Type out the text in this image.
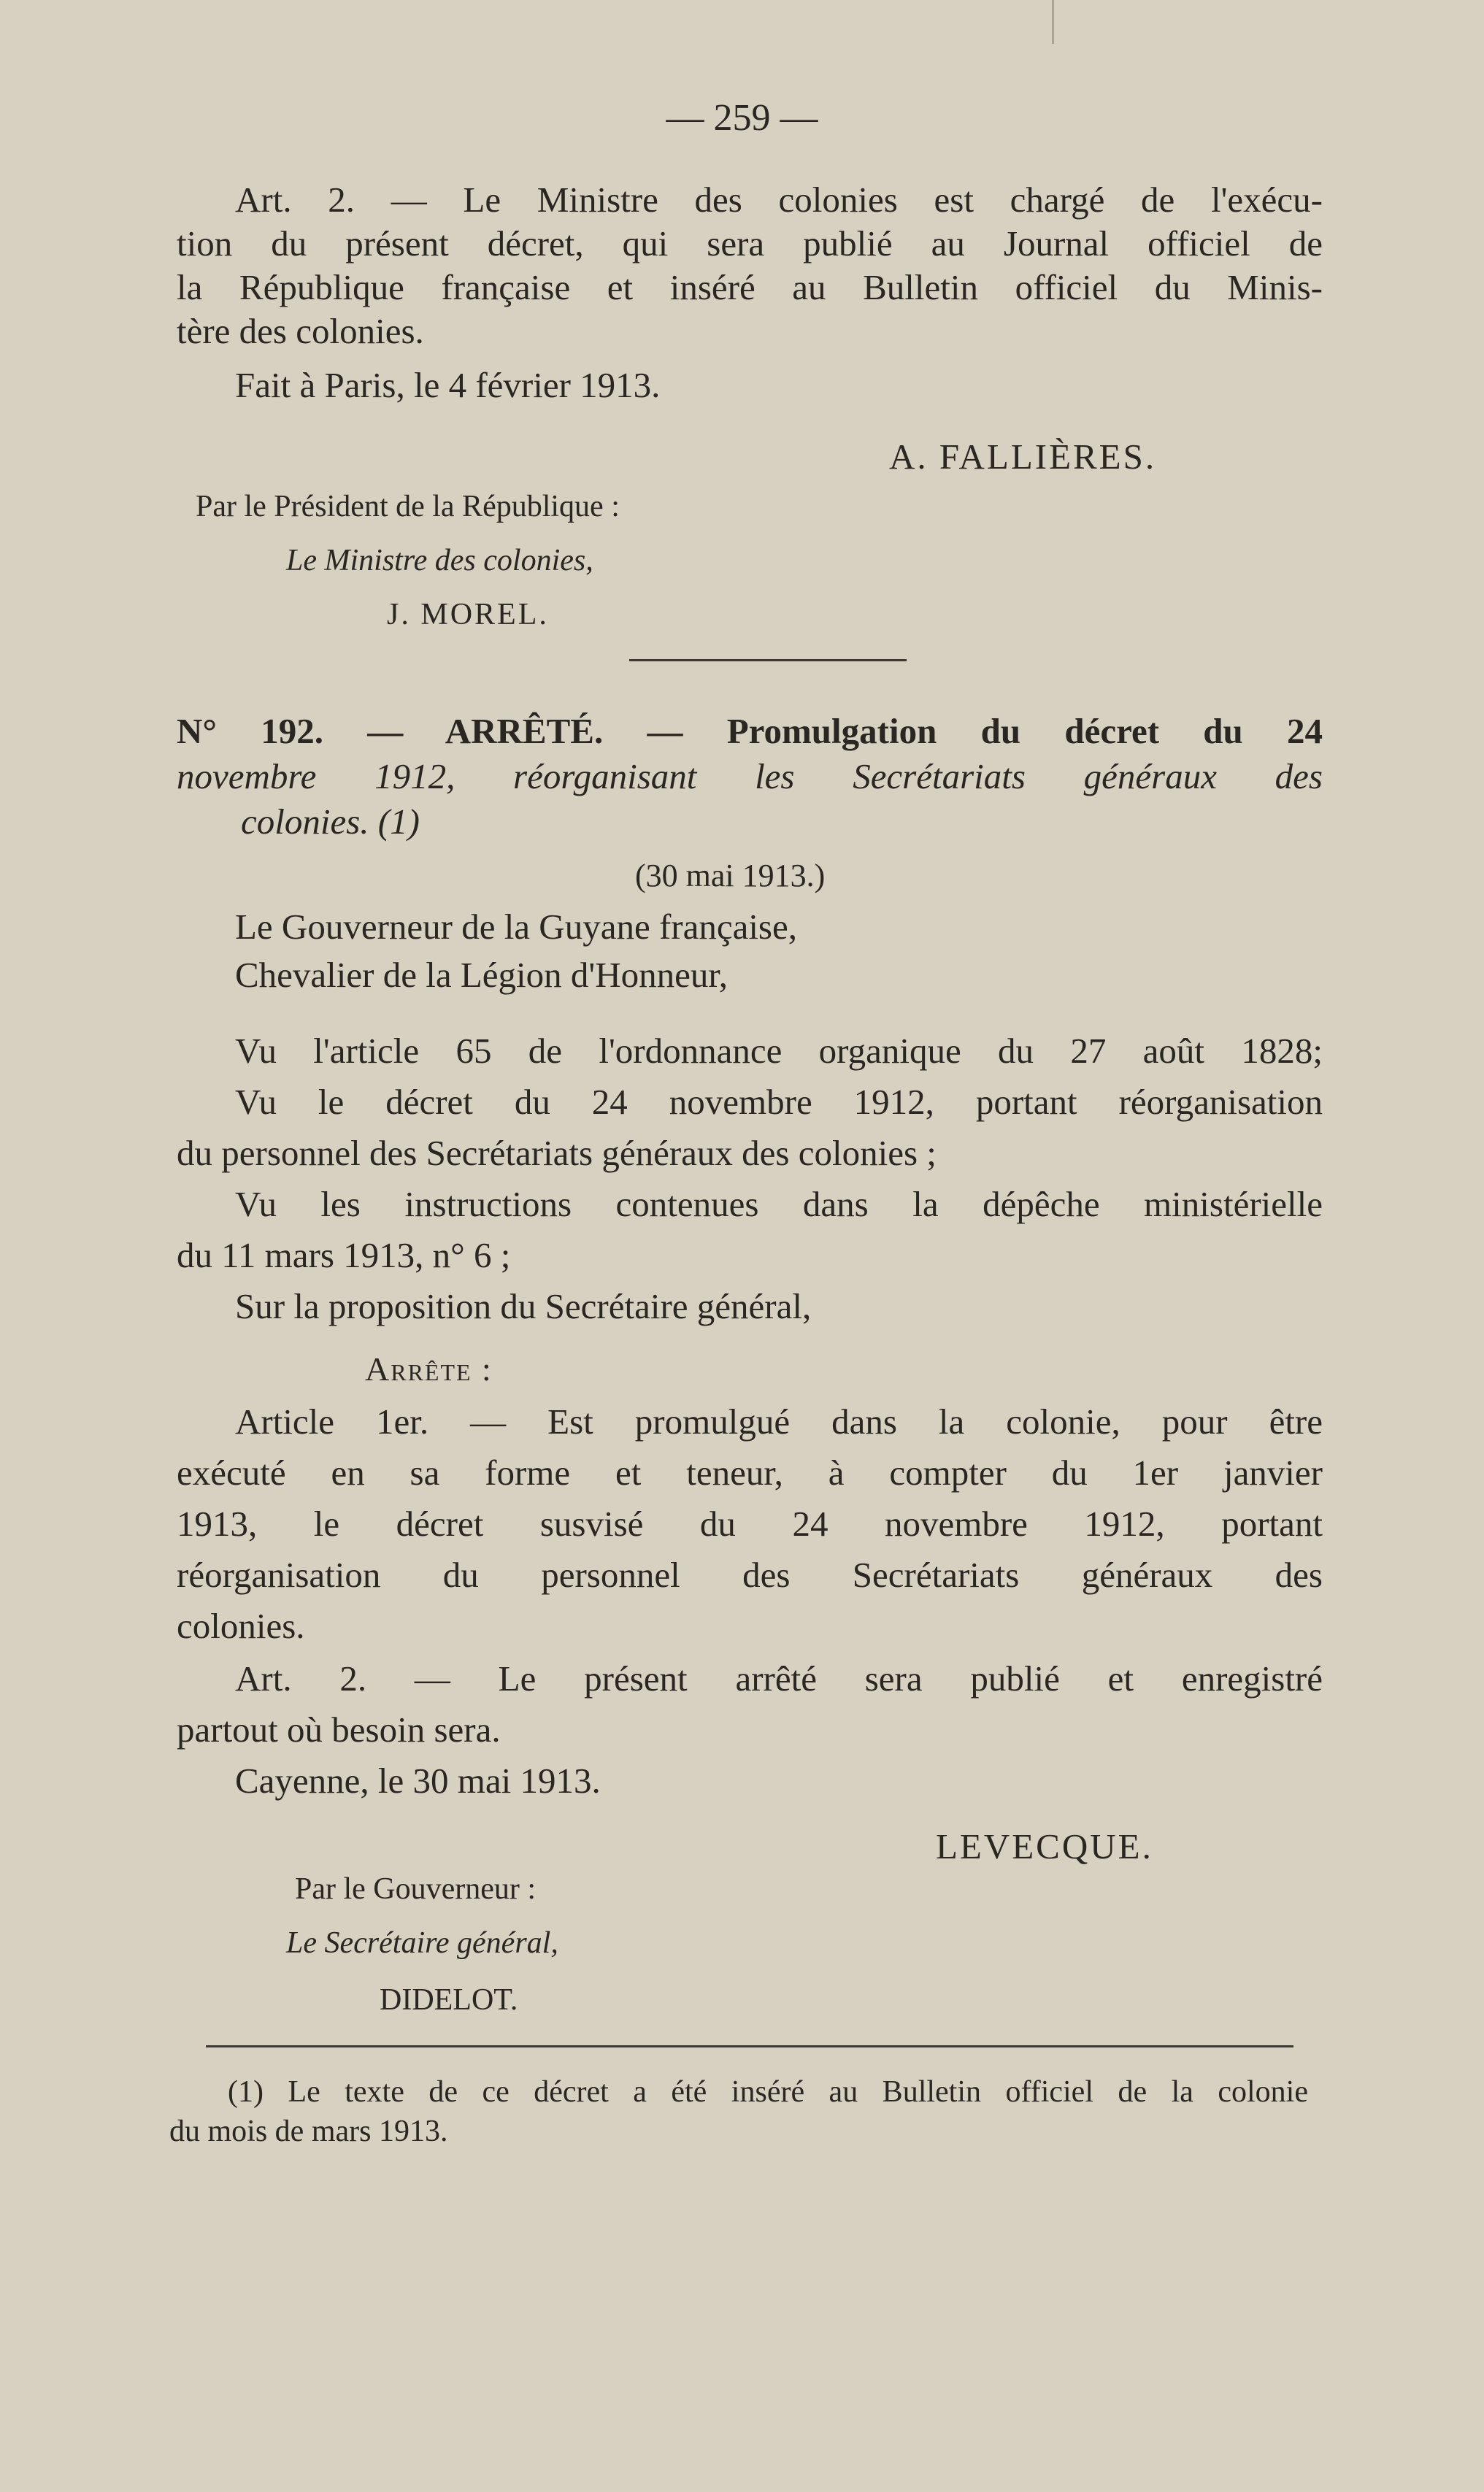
— 259 —
Art. 2. — Le Ministre des colonies est chargé de l'exécu-
tion du présent décret, qui sera publié au Journal officiel de
la République française et inséré au Bulletin officiel du Minis-
tère des colonies.
Fait à Paris, le 4 février 1913.
A. FALLIÈRES.
Par le Président de la République :
Le Ministre des colonies,
J. MOREL.
N° 192. — ARRÊTÉ. — Promulgation du décret du 24
novembre 1912, réorganisant les Secrétariats généraux des
colonies. (1)
(30 mai 1913.)
Le Gouverneur de la Guyane française,
Chevalier de la Légion d'Honneur,
Vu l'article 65 de l'ordonnance organique du 27 août 1828;
Vu le décret du 24 novembre 1912, portant réorganisation
du personnel des Secrétariats généraux des colonies ;
Vu les instructions contenues dans la dépêche ministérielle
du 11 mars 1913, n° 6 ;
Sur la proposition du Secrétaire général,
Arrête :
Article 1er. — Est promulgué dans la colonie, pour être
exécuté en sa forme et teneur, à compter du 1er janvier
1913, le décret susvisé du 24 novembre 1912, portant
réorganisation du personnel des Secrétariats généraux des
colonies.
Art. 2. — Le présent arrêté sera publié et enregistré
partout où besoin sera.
Cayenne, le 30 mai 1913.
LEVECQUE.
Par le Gouverneur :
Le Secrétaire général,
DIDELOT.
(1) Le texte de ce décret a été inséré au Bulletin officiel de la colonie
du mois de mars 1913.
